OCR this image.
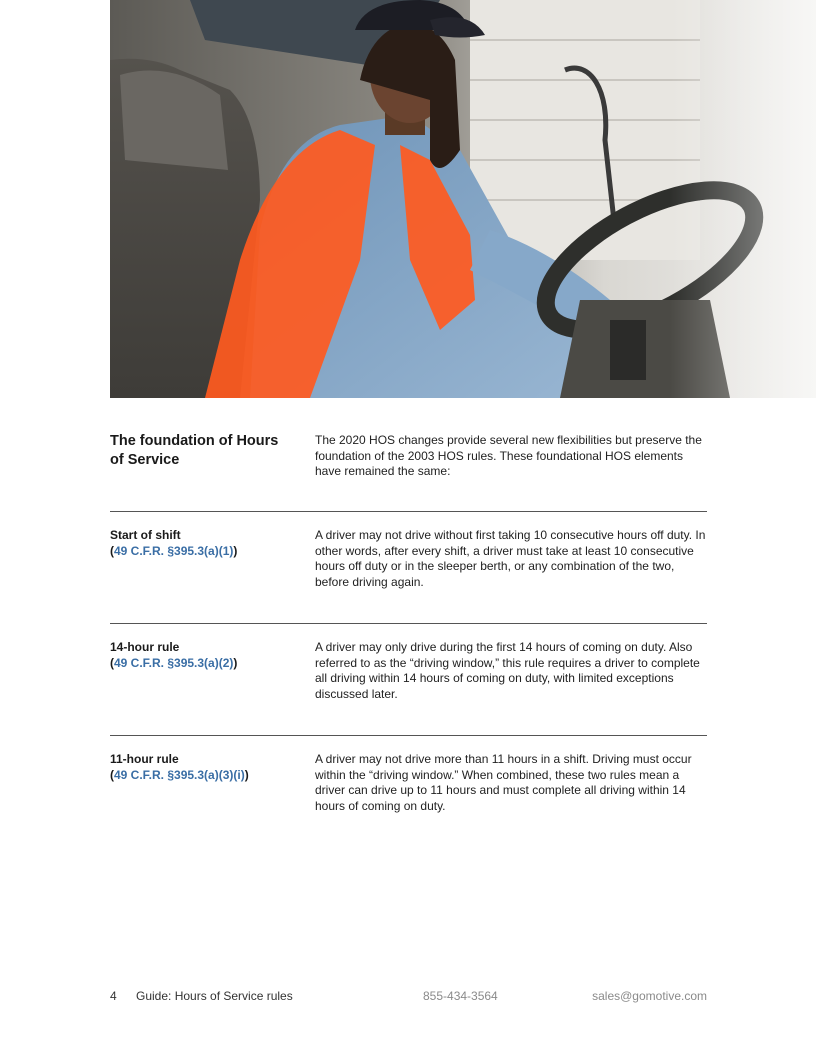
The foundation of Hours of Service
The 2020 HOS changes provide several new flexibilities but preserve the foundation of the 2003 HOS rules. These foundational HOS elements have remained the same:
Start of shift
(49 C.F.R. §395.3(a)(1))
A driver may not drive without first taking 10 consecutive hours off duty. In other words, after every shift, a driver must take at least 10 consecutive hours off duty or in the sleeper berth, or any combination of the two, before driving again.
14-hour rule
(49 C.F.R. §395.3(a)(2))
A driver may only drive during the first 14 hours of coming on duty. Also referred to as the “driving window,” this rule requires a driver to complete all driving within 14 hours of coming on duty, with limited exceptions discussed later.
11-hour rule
(49 C.F.R. §395.3(a)(3)(i))
A driver may not drive more than 11 hours in a shift. Driving must occur within the “driving window.” When combined, these two rules mean a driver can drive up to 11 hours and must complete all driving within 14 hours of coming on duty.
4 Guide: Hours of Service rules	855-434-3564	sales@gomotive.com
